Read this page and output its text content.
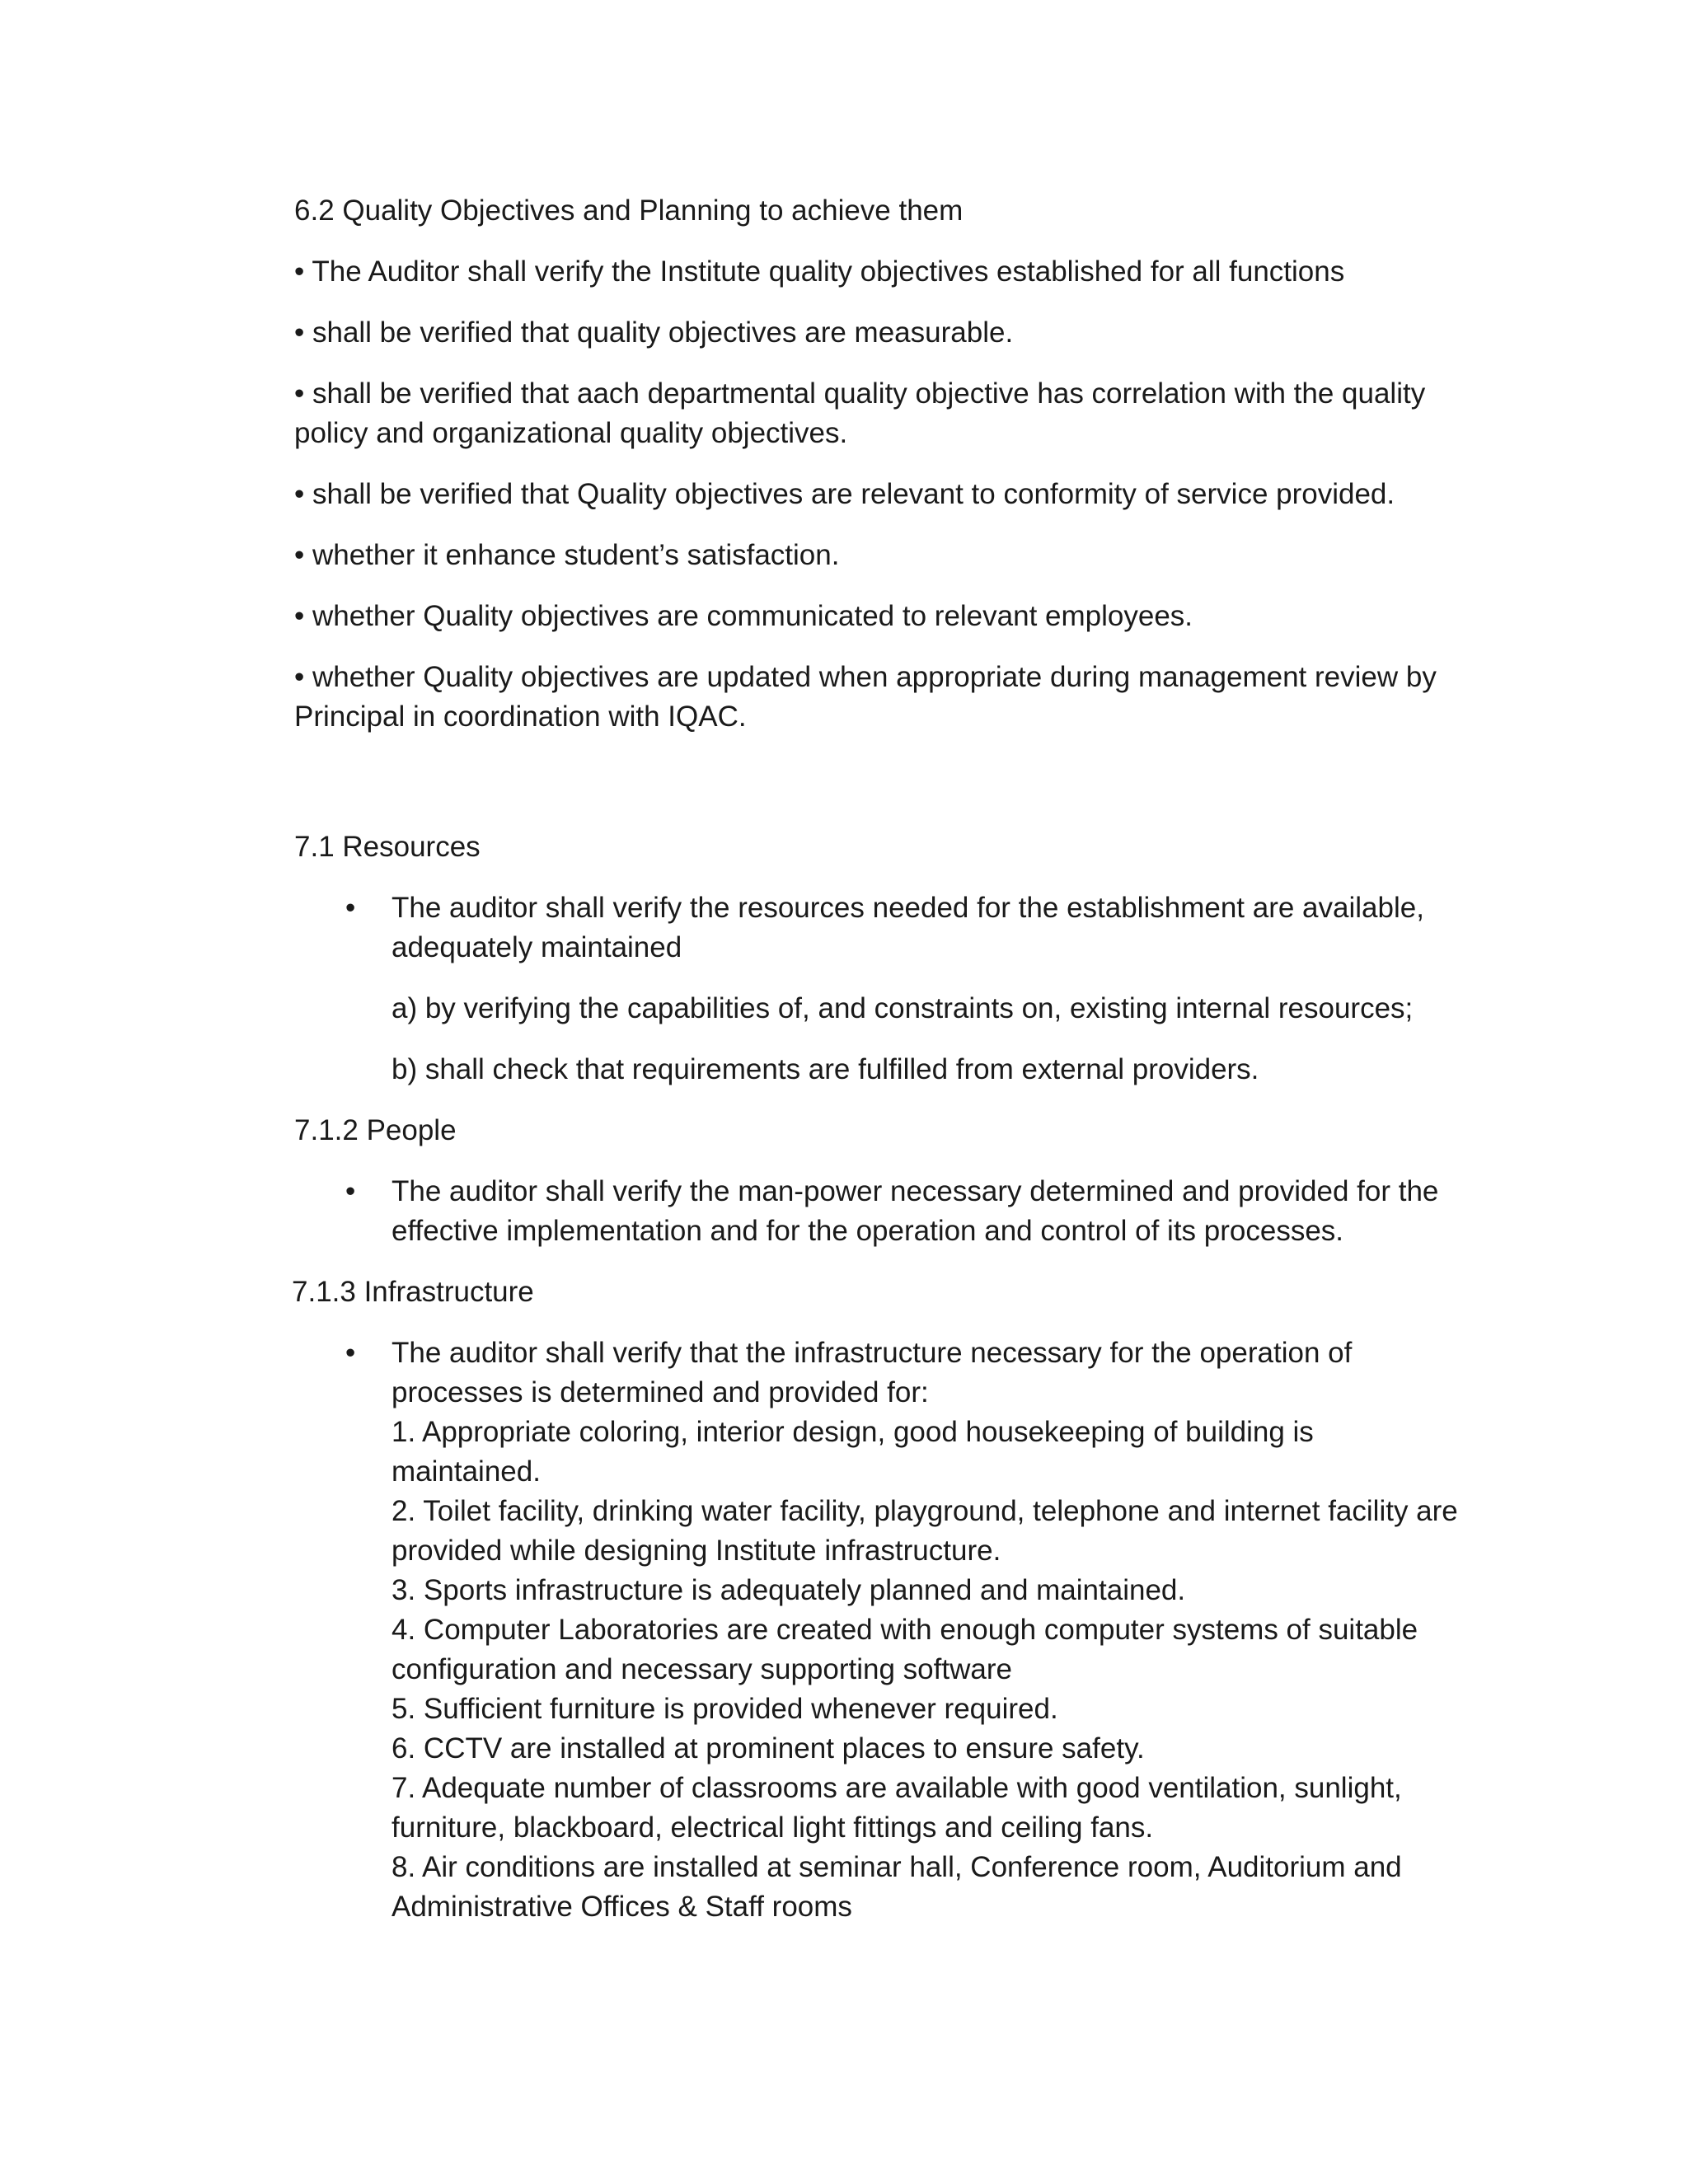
6.2 Quality Objectives and Planning to achieve them

• The Auditor shall verify the Institute quality objectives established for all functions

• shall be verified that quality objectives are measurable.

• shall be verified that aach departmental quality objective has correlation with the quality policy and organizational quality objectives.

• shall be verified that Quality objectives are relevant to conformity of service provided.

• whether it enhance student’s satisfaction.

• whether Quality objectives are communicated to relevant employees.

• whether Quality objectives are updated when appropriate during management review by Principal in coordination with IQAC.

7.1 Resources

• The auditor shall verify the resources needed for the establishment are available, adequately maintained

a) by verifying the capabilities of, and constraints on, existing internal resources;

b) shall check that requirements are fulfilled from external providers.

7.1.2 People

• The auditor shall verify the man-power necessary determined and provided for the effective implementation and for the operation and control of its processes.

7.1.3 Infrastructure

• The auditor shall verify that the infrastructure necessary for the operation of processes is determined and provided for:

1. Appropriate coloring, interior design, good housekeeping of building is maintained.

2. Toilet facility, drinking water facility, playground, telephone and internet facility are provided while designing Institute infrastructure.

3. Sports infrastructure is adequately planned and maintained.

4. Computer Laboratories are created with enough computer systems of suitable configuration and necessary supporting software

5. Sufficient furniture is provided whenever required.

6. CCTV are installed at prominent places to ensure safety.

7. Adequate number of classrooms are available with good ventilation, sunlight, furniture, blackboard, electrical light fittings and ceiling fans.

8. Air conditions are installed at seminar hall, Conference room, Auditorium and Administrative Offices & Staff rooms
